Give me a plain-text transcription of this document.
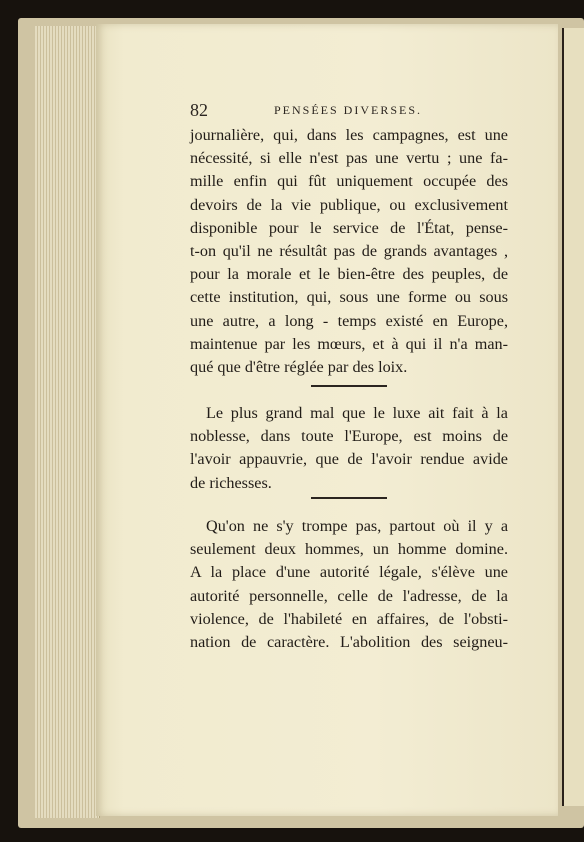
82	PENSÉES DIVERSES.
journalière, qui, dans les campagnes, est une
nécessité, si elle n'est pas une vertu ; une fa-
mille enfin qui fût uniquement occupée des
devoirs de la vie publique, ou exclusivement
disponible pour le service de l'État, pense-
t-on qu'il ne résultât pas de grands avantages ,
pour la morale et le bien-être des peuples, de
cette institution, qui, sous une forme ou sous
une autre, a long - temps existé en Europe,
maintenue par les mœurs, et à qui il n'a man-
qué que d'être réglée par des loix.
Le plus grand mal que le luxe ait fait à la
noblesse, dans toute l'Europe, est moins de
l'avoir appauvrie, que de l'avoir rendue avide
de richesses.
Qu'on ne s'y trompe pas, partout où il y a
seulement deux hommes, un homme domine.
A la place d'une autorité légale, s'élève une
autorité personnelle, celle de l'adresse, de la
violence, de l'habileté en affaires, de l'obsti-
nation de caractère. L'abolition des seigneu-
